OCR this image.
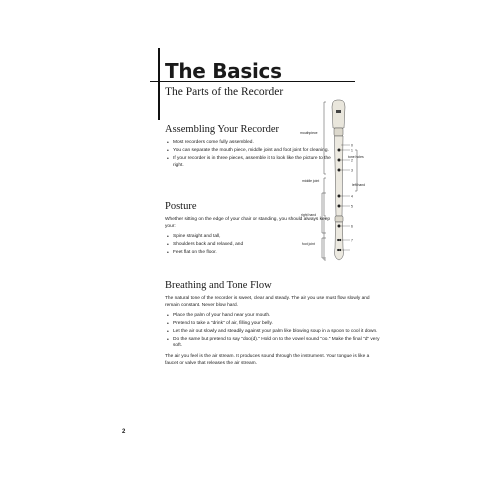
The Basics
The Parts of the Recorder
Assembling Your Recorder
• Most recorders come fully assembled.
• You can separate the mouth piece, middle joint and foot joint for cleaning.
• If your recorder is in three pieces, assemble it to look like the picture to the right.
Posture

Whether sitting on the edge of your chair or standing, you should always keep your:

• Spine straight and tall,
• Shoulders back and relaxed, and
• Feet flat on the floor.
Breathing and Tone Flow

The natural tone of the recorder is sweet, clear and steady. The air you use must flow slowly and remain constant. Never blow hard.

• Place the palm of your hand near your mouth.
• Pretend to take a "drink" of air, filling your belly.
• Let the air out slowly and steadily against your palm like blowing soup in a spoon to cool it down.
• Do the same but pretend to say "doo(d)." Hold on to the vowel sound "oo." Make the final "d" very soft.

The air you feel is the air stream. It produces sound through the instrument. Your tongue is like a faucet or valve that releases the air stream.

0
1
2
3
4
5
6
7
mouthpiece
tone holes
middle joint
left hand
right hand
foot joint
2
